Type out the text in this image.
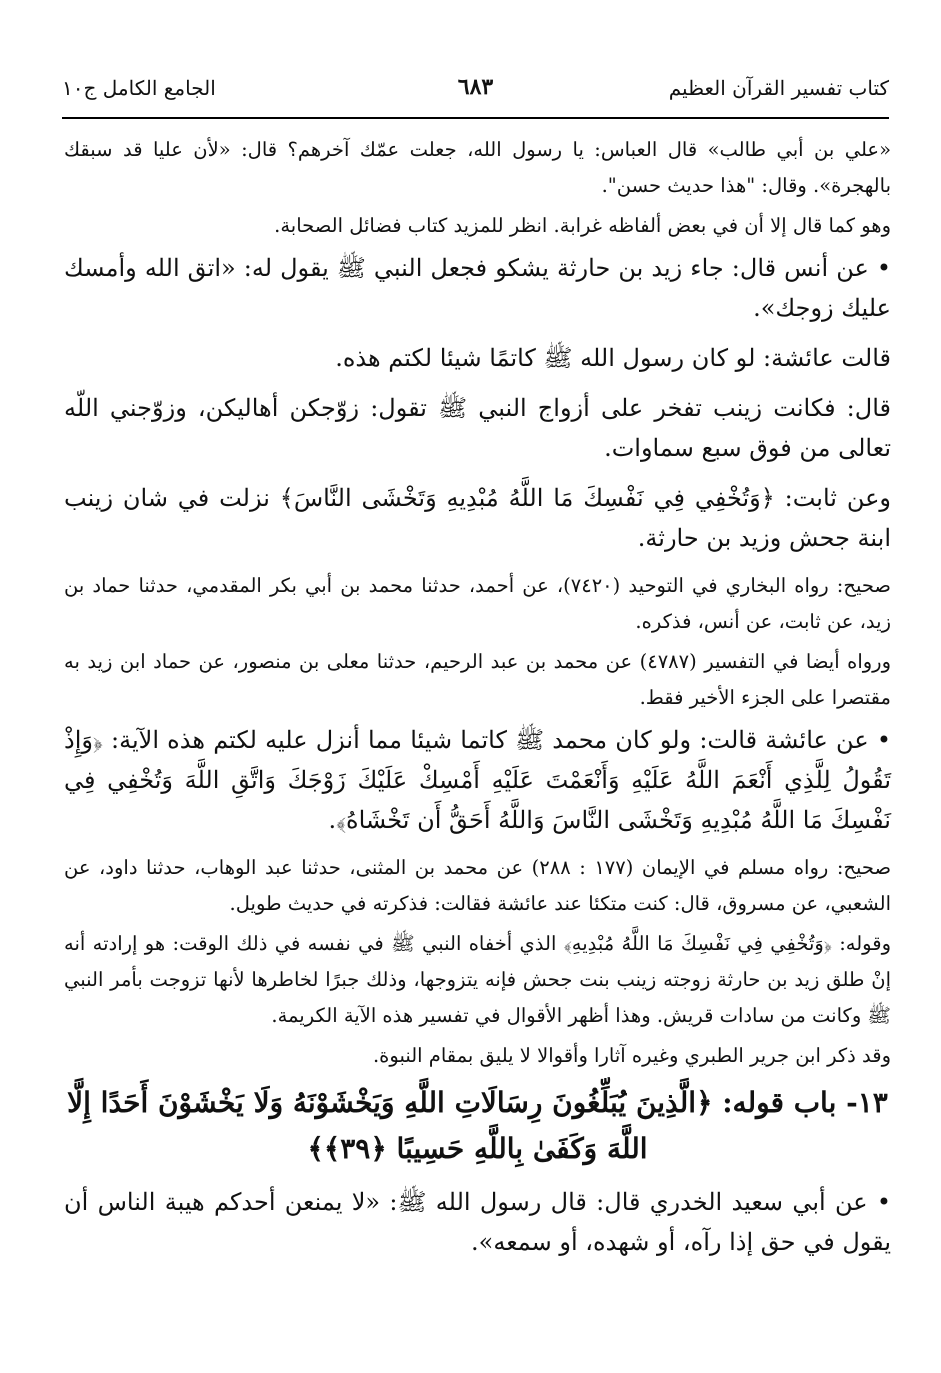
كتاب تفسير القرآن العظيم
٦٨٣
الجامع الكامل ج١٠

«علي بن أبي طالب» قال العباس: يا رسول الله، جعلت عمّك آخرهم؟ قال: «لأن عليا قد سبقك بالهجرة». وقال: "هذا حديث حسن".

وهو كما قال إلا أن في بعض ألفاظه غرابة. انظر للمزيد كتاب فضائل الصحابة.

• عن أنس قال: جاء زيد بن حارثة يشكو فجعل النبي ﷺ يقول له: «اتق الله وأمسك عليك زوجك».

قالت عائشة: لو كان رسول الله ﷺ كاتمًا شيئا لكتم هذه.

قال: فكانت زينب تفخر على أزواج النبي ﷺ تقول: زوّجكن أهاليكن، وزوّجني اللّه تعالى من فوق سبع سماوات.

وعن ثابت: ﴿وَتُخْفِي فِي نَفْسِكَ مَا اللَّهُ مُبْدِيهِ وَتَخْشَى النَّاسَ﴾ نزلت في شان زينب ابنة جحش وزيد بن حارثة.

صحيح: رواه البخاري في التوحيد (٧٤٢٠)، عن أحمد، حدثنا محمد بن أبي بكر المقدمي، حدثنا حماد بن زيد، عن ثابت، عن أنس، فذكره.

ورواه أيضا في التفسير (٤٧٨٧) عن محمد بن عبد الرحيم، حدثنا معلى بن منصور، عن حماد ابن زيد به مقتصرا على الجزء الأخير فقط.

• عن عائشة قالت: ولو كان محمد ﷺ كاتما شيئا مما أنزل عليه لكتم هذه الآية: ﴿وَإِذْ تَقُولُ لِلَّذِي أَنْعَمَ اللَّهُ عَلَيْهِ وَأَنْعَمْتَ عَلَيْهِ أَمْسِكْ عَلَيْكَ زَوْجَكَ وَاتَّقِ اللَّهَ وَتُخْفِي فِي نَفْسِكَ مَا اللَّهُ مُبْدِيهِ وَتَخْشَى النَّاسَ وَاللَّهُ أَحَقُّ أَن تَخْشَاهُ﴾.

صحيح: رواه مسلم في الإيمان (١٧٧ : ٢٨٨) عن محمد بن المثنى، حدثنا عبد الوهاب، حدثنا داود، عن الشعبي، عن مسروق، قال: كنت متكئا عند عائشة فقالت: فذكرته في حديث طويل.

وقوله: ﴿وَتُخْفِي فِي نَفْسِكَ مَا اللَّهُ مُبْدِيهِ﴾ الذي أخفاه النبي ﷺ في نفسه في ذلك الوقت: هو إرادته أنه إنْ طلق زيد بن حارثة زوجته زينب بنت جحش فإنه يتزوجها، وذلك جبرًا لخاطرها لأنها تزوجت بأمر النبي ﷺ وكانت من سادات قريش. وهذا أظهر الأقوال في تفسير هذه الآية الكريمة.

وقد ذكر ابن جرير الطبري وغيره آثارا وأقوالا لا يليق بمقام النبوة.

١٣- باب قوله: ﴿الَّذِينَ يُبَلِّغُونَ رِسَالَاتِ اللَّهِ وَيَخْشَوْنَهُ وَلَا يَخْشَوْنَ أَحَدًا إِلَّا اللَّهَ وَكَفَىٰ بِاللَّهِ حَسِيبًا ﴿٣٩﴾﴾

• عن أبي سعيد الخدري قال: قال رسول الله ﷺ: «لا يمنعن أحدكم هيبة الناس أن يقول في حق إذا رآه، أو شهده، أو سمعه».
